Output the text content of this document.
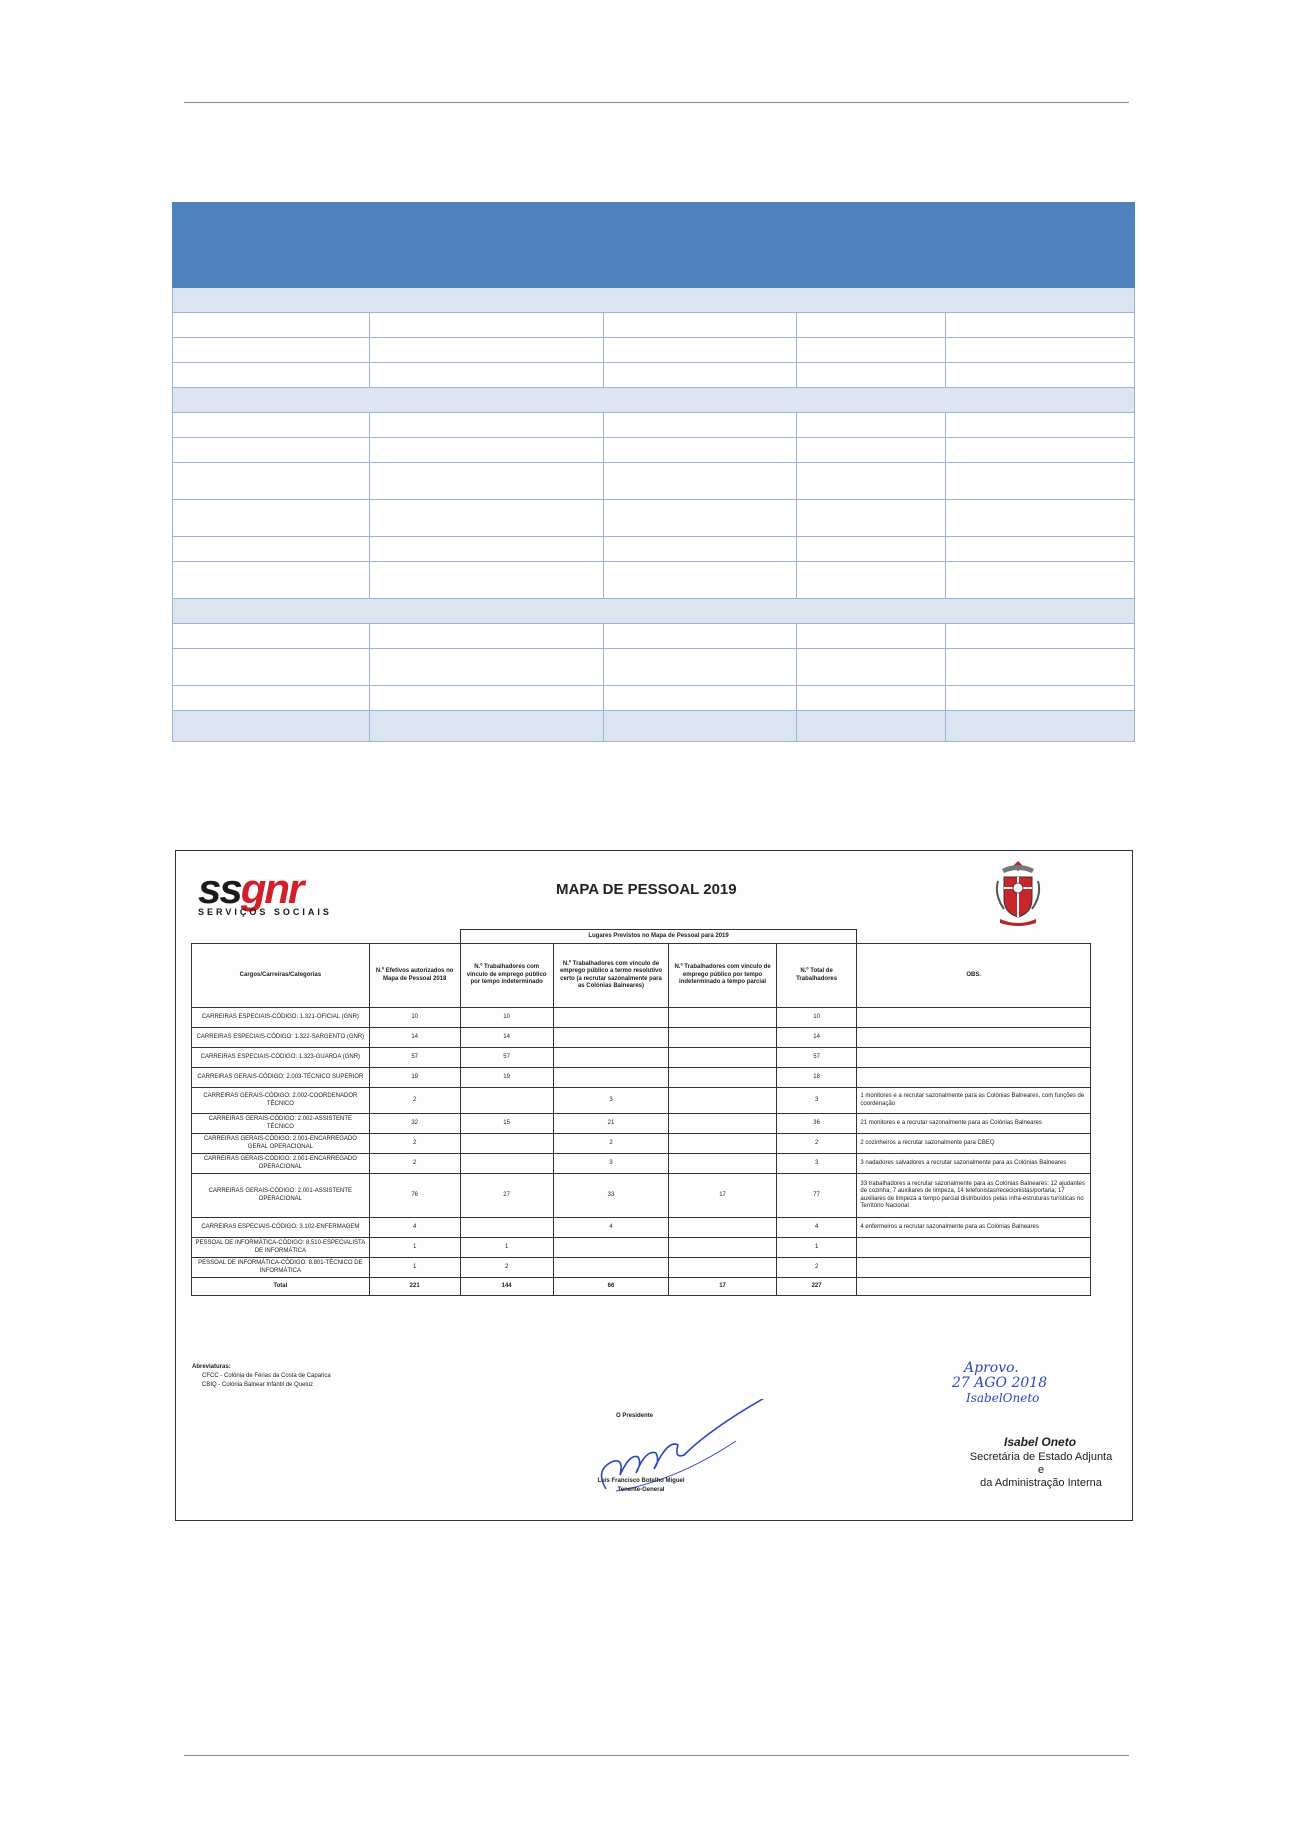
ssgnr
SERVIÇOS SOCIAIS
MAPA DE PESSOAL 2019
		Lugares Previstos no Mapa de Pessoal para 2019				
Cargos/Carreiras/Categorias	N.º Efetivos autorizados no Mapa de Pessoal 2018	N.º Trabalhadores com vínculo de emprego público por tempo indeterminado	N.º Trabalhadores com vínculo de emprego público a termo resolutivo certo (a recrutar sazonalmente para as Colónias Balneares)	N.º Trabalhadores com vínculo de emprego público por tempo indeterminado a tempo parcial	N.º Total de Trabalhadores	OBS.
CARREIRAS ESPECIAIS-CÓDIGO: 1.321-OFICIAL (GNR)	10	10			10	
CARREIRAS ESPECIAIS-CÓDIGO: 1.322-SARGENTO (GNR)	14	14			14	
CARREIRAS ESPECIAIS-CÓDIGO: 1.323-GUARDA (GNR)	57	57			57	
CARREIRAS GERAIS-CÓDIGO: 2.003-TÉCNICO SUPERIOR	19	19			18	
CARREIRAS GERAIS-CÓDIGO: 2.002-COORDENADOR TÉCNICO	2		3		3	1 monitores e a recrutar sazonalmente para as Colónias Balneares, com funções de coordenação
CARREIRAS GERAIS-CÓDIGO: 2.002-ASSISTENTE TÉCNICO	32	15	21		36	21 monitores e a recrutar sazonalmente para as Colónias Balneares
CARREIRAS GERAIS-CÓDIGO: 2.001-ENCARREGADO GERAL OPERACIONAL	2		2		2	2 cozinheiros a recrutar sazonalmente para CBEQ
CARREIRAS GERAIS-CÓDIGO: 2.001-ENCARREGADO OPERACIONAL	2		3		3	3 nadadores salvadores a recrutar sazonalmente para as Colónias Balneares
CARREIRAS GERAIS-CÓDIGO: 2.001-ASSISTENTE OPERACIONAL	76	27	33	17	77	33 trabalhadores a recrutar sazonalmente para as Colónias Balneares: 12 ajudantes de cozinha, 7 auxiliares de limpeza, 14 telefonistas/rececionistas/portaria; 17 auxiliares de limpeza a tempo parcial distribuídos pelas infra-estruturas turísticas no Território Nacional
CARREIRAS ESPECIAIS-CÓDIGO: 3.102-ENFERMAGEM	4		4		4	4 enfermeiros a recrutar sazonalmente para as Colónias Balneares
PESSOAL DE INFORMÁTICA-CÓDIGO: 8.510-ESPECIALISTA DE INFORMÁTICA	1	1			1	
PESSOAL DE INFORMÁTICA-CÓDIGO: 8.801-TÉCNICO DE INFORMÁTICA	1	2			2	
Total	221	144	66	17	227	
Abreviaturas:
CFCC - Colónia de Férias da Costa de Caparica
CBIQ - Colónia Balnear Infantil de Queluz
O Presidente
Luís Francisco Botelho Miguel
Tenente-General
Aprovo.
27 AGO 2018
IsabelOneto
Isabel Oneto
Secretária de Estado Adjunta e
da Administração Interna
